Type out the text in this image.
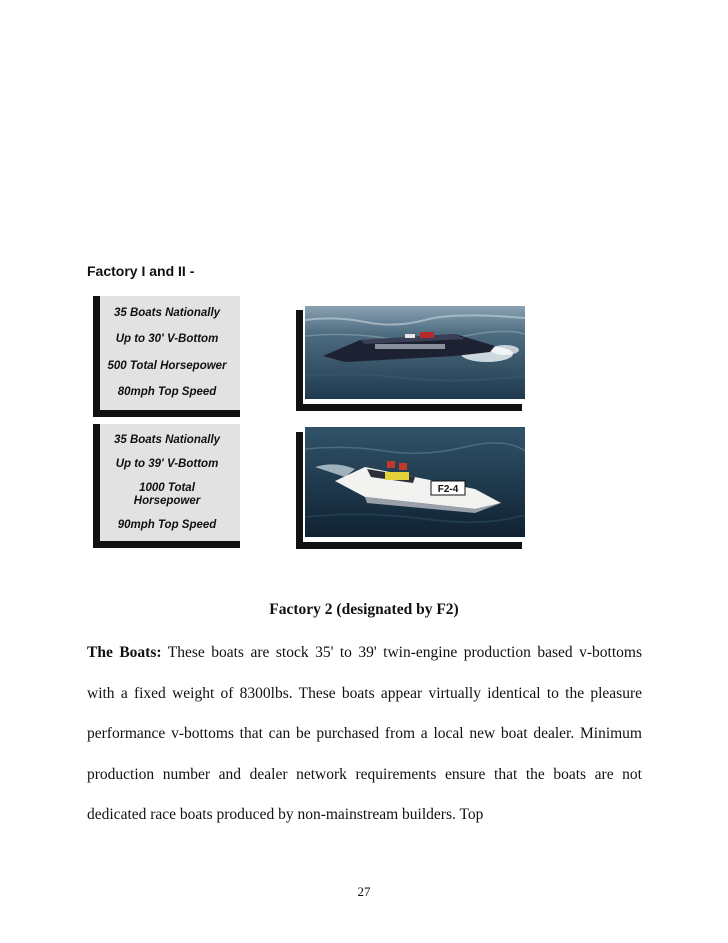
Factory I and II -
35 Boats Nationally
Up to 30' V-Bottom
500 Total Horsepower
80mph Top Speed
35 Boats Nationally
Up to 39' V-Bottom
1000 Total
Horsepower
90mph Top Speed
F2-4
Factory 2 (designated by F2)

The Boats: These boats are stock 35' to 39' twin-engine production based v-bottoms with a fixed weight of 8300lbs. These boats appear virtually identical to the pleasure performance v-bottoms that can be purchased from a local new boat dealer. Minimum production number and dealer network requirements ensure that the boats are not dedicated race boats produced by non-mainstream builders. Top

27
